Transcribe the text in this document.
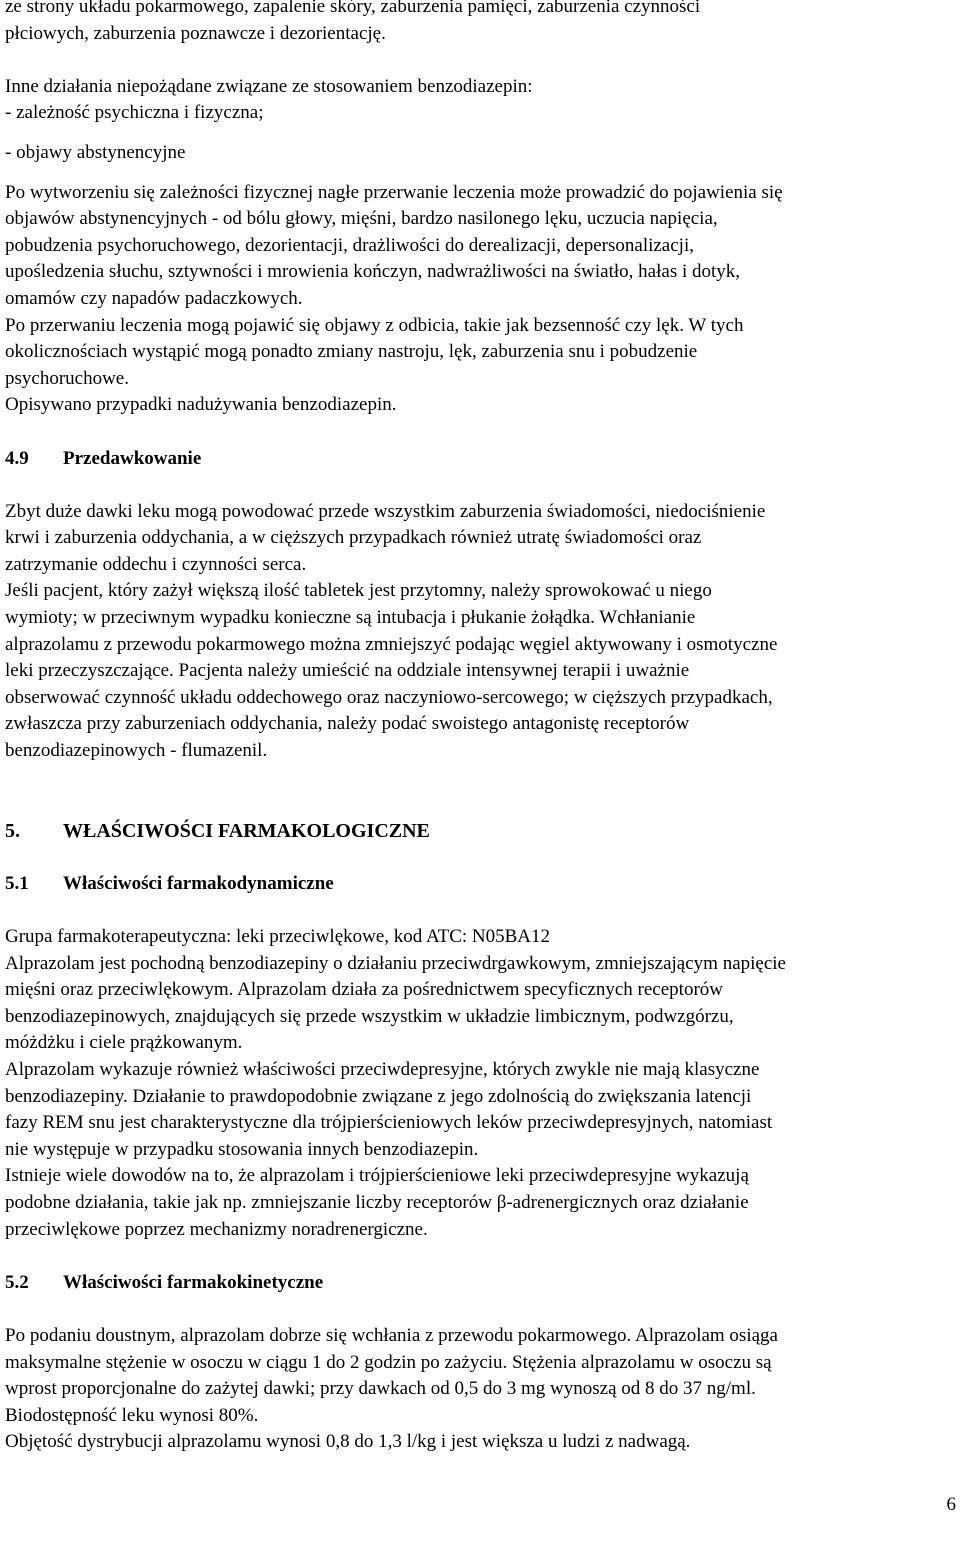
ze strony układu pokarmowego, zapalenie skóry, zaburzenia pamięci, zaburzenia czynności
płciowych, zaburzenia poznawcze i dezorientację.
Inne działania niepożądane związane ze stosowaniem benzodiazepin:
- zależność psychiczna i fizyczna;
- objawy abstynencyjne
Po wytworzeniu się zależności fizycznej nagłe przerwanie leczenia może prowadzić do pojawienia się
objawów abstynencyjnych - od bólu głowy, mięśni, bardzo nasilonego lęku, uczucia napięcia,
pobudzenia psychoruchowego, dezorientacji, drażliwości do derealizacji, depersonalizacji,
upośledzenia słuchu, sztywności i mrowienia kończyn, nadwrażliwości na światło, hałas i dotyk,
omamów czy napadów padaczkowych.
Po przerwaniu leczenia mogą pojawić się objawy z odbicia, takie jak bezsenność czy lęk. W tych
okolicznościach wystąpić mogą ponadto zmiany nastroju, lęk, zaburzenia snu i pobudzenie
psychoruchowe.
Opisywano przypadki nadużywania benzodiazepin.
4.9 Przedawkowanie
Zbyt duże dawki leku mogą powodować przede wszystkim zaburzenia świadomości, niedociśnienie
krwi i zaburzenia oddychania, a w cięższych przypadkach również utratę świadomości oraz
zatrzymanie oddechu i czynności serca.
Jeśli pacjent, który zażył większą ilość tabletek jest przytomny, należy sprowokować u niego
wymioty; w przeciwnym wypadku konieczne są intubacja i płukanie żołądka. Wchłanianie
alprazolamu z przewodu pokarmowego można zmniejszyć podając węgiel aktywowany i osmotyczne
leki przeczyszczające. Pacjenta należy umieścić na oddziale intensywnej terapii i uważnie
obserwować czynność układu oddechowego oraz naczyniowo-sercowego; w cięższych przypadkach,
zwłaszcza przy zaburzeniach oddychania, należy podać swoistego antagonistę receptorów
benzodiazepinowych - flumazenil.
5. WŁAŚCIWOŚCI FARMAKOLOGICZNE
5.1 Właściwości farmakodynamiczne
Grupa farmakoterapeutyczna: leki przeciwlękowe, kod ATC: N05BA12
Alprazolam jest pochodną benzodiazepiny o działaniu przeciwdrgawkowym, zmniejszającym napięcie
mięśni oraz przeciwlękowym. Alprazolam działa za pośrednictwem specyficznych receptorów
benzodiazepinowych, znajdujących się przede wszystkim w układzie limbicznym, podwzgórzu,
móżdżku i ciele prążkowanym.
Alprazolam wykazuje również właściwości przeciwdepresyjne, których zwykle nie mają klasyczne
benzodiazepiny. Działanie to prawdopodobnie związane z jego zdolnością do zwiększania latencji
fazy REM snu jest charakterystyczne dla trójpierścieniowych leków przeciwdepresyjnych, natomiast
nie występuje w przypadku stosowania innych benzodiazepin.
Istnieje wiele dowodów na to, że alprazolam i trójpierścieniowe leki przeciwdepresyjne wykazują
podobne działania, takie jak np. zmniejszanie liczby receptorów β-adrenergicznych oraz działanie
przeciwlękowe poprzez mechanizmy noradrenergiczne.
5.2 Właściwości farmakokinetyczne
Po podaniu doustnym, alprazolam dobrze się wchłania z przewodu pokarmowego. Alprazolam osiąga
maksymalne stężenie w osoczu w ciągu 1 do 2 godzin po zażyciu. Stężenia alprazolamu w osoczu są
wprost proporcjonalne do zażytej dawki; przy dawkach od 0,5 do 3 mg wynoszą od 8 do 37 ng/ml.
Biodostępność leku wynosi 80%.
Objętość dystrybucji alprazolamu wynosi 0,8 do 1,3 l/kg i jest większa u ludzi z nadwagą.
6
